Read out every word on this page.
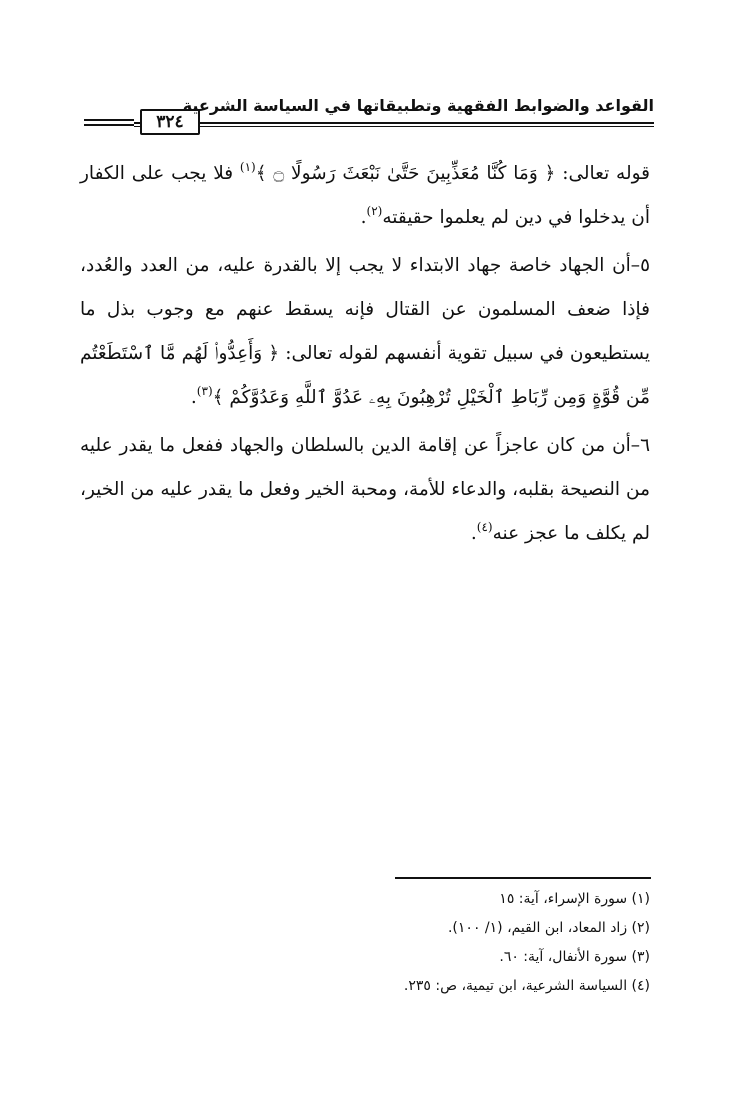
٣٢٤
القواعد والضوابط الفقهية وتطبيقاتها في السياسة الشرعية

قوله تعالى: ﴿ وَمَا كُنَّا مُعَذِّبِينَ حَتَّىٰ نَبْعَثَ رَسُولًا ۝ ﴾$^{(١)}$ فلا يجب على الكفار أن يدخلوا في دين لم يعلموا حقيقته$^{(٢)}$.

٥–أن الجهاد خاصة جهاد الابتداء لا يجب إلا بالقدرة عليه، من العدد والعُدد، فإذا ضعف المسلمون عن القتال فإنه يسقط عنهم مع وجوب بذل ما يستطيعون في سبيل تقوية أنفسهم لقوله تعالى: ﴿ وَأَعِدُّوا۟ لَهُم مَّا ٱسْتَطَعْتُم مِّن قُوَّةٍ وَمِن رِّبَاطِ ٱلْخَيْلِ تُرْهِبُونَ بِهِۦ عَدُوَّ ٱللَّهِ وَعَدُوَّكُمْ ﴾$^{(٣)}$.

٦–أن من كان عاجزاً عن إقامة الدين بالسلطان والجهاد ففعل ما يقدر عليه من النصيحة بقلبه، والدعاء للأمة، ومحبة الخير وفعل ما يقدر عليه من الخير، لم يكلف ما عجز عنه$^{(٤)}$.

(١) سورة الإسراء، آية: ١٥
(٢) زاد المعاد، ابن القيم، (١/ ١٠٠).
(٣) سورة الأنفال، آية: ٦٠.
(٤) السياسة الشرعية، ابن تيمية، ص: ٢٣٥.
